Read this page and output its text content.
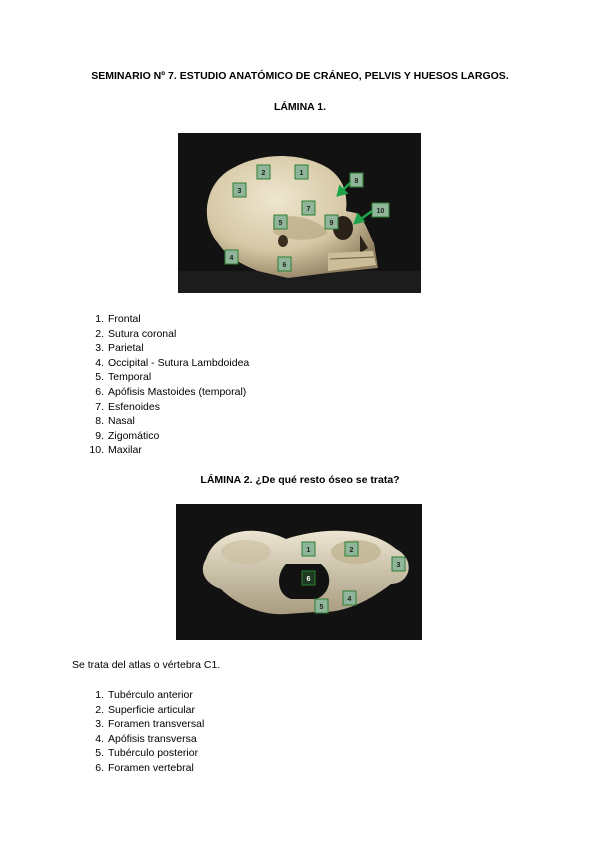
SEMINARIO Nº 7. ESTUDIO ANATÓMICO DE CRÁNEO, PELVIS Y HUESOS LARGOS.
LÁMINA 1.
1
2
3
4
5
6
7
8
9
10
1. Frontal
2. Sutura coronal
3. Parietal
4. Occipital - Sutura Lambdoidea
5. Temporal
6. Apófisis Mastoides (temporal)
7. Esfenoides
8. Nasal
9. Zigomático
10. Maxilar
LÁMINA 2. ¿De qué resto óseo se trata?
1	2
3
4
5
6
Se trata del atlas o vértebra C1.
1. Tubérculo anterior
2. Superficie articular
3. Foramen transversal
4. Apófisis transversa
5. Tubérculo posterior
6. Foramen vertebral
